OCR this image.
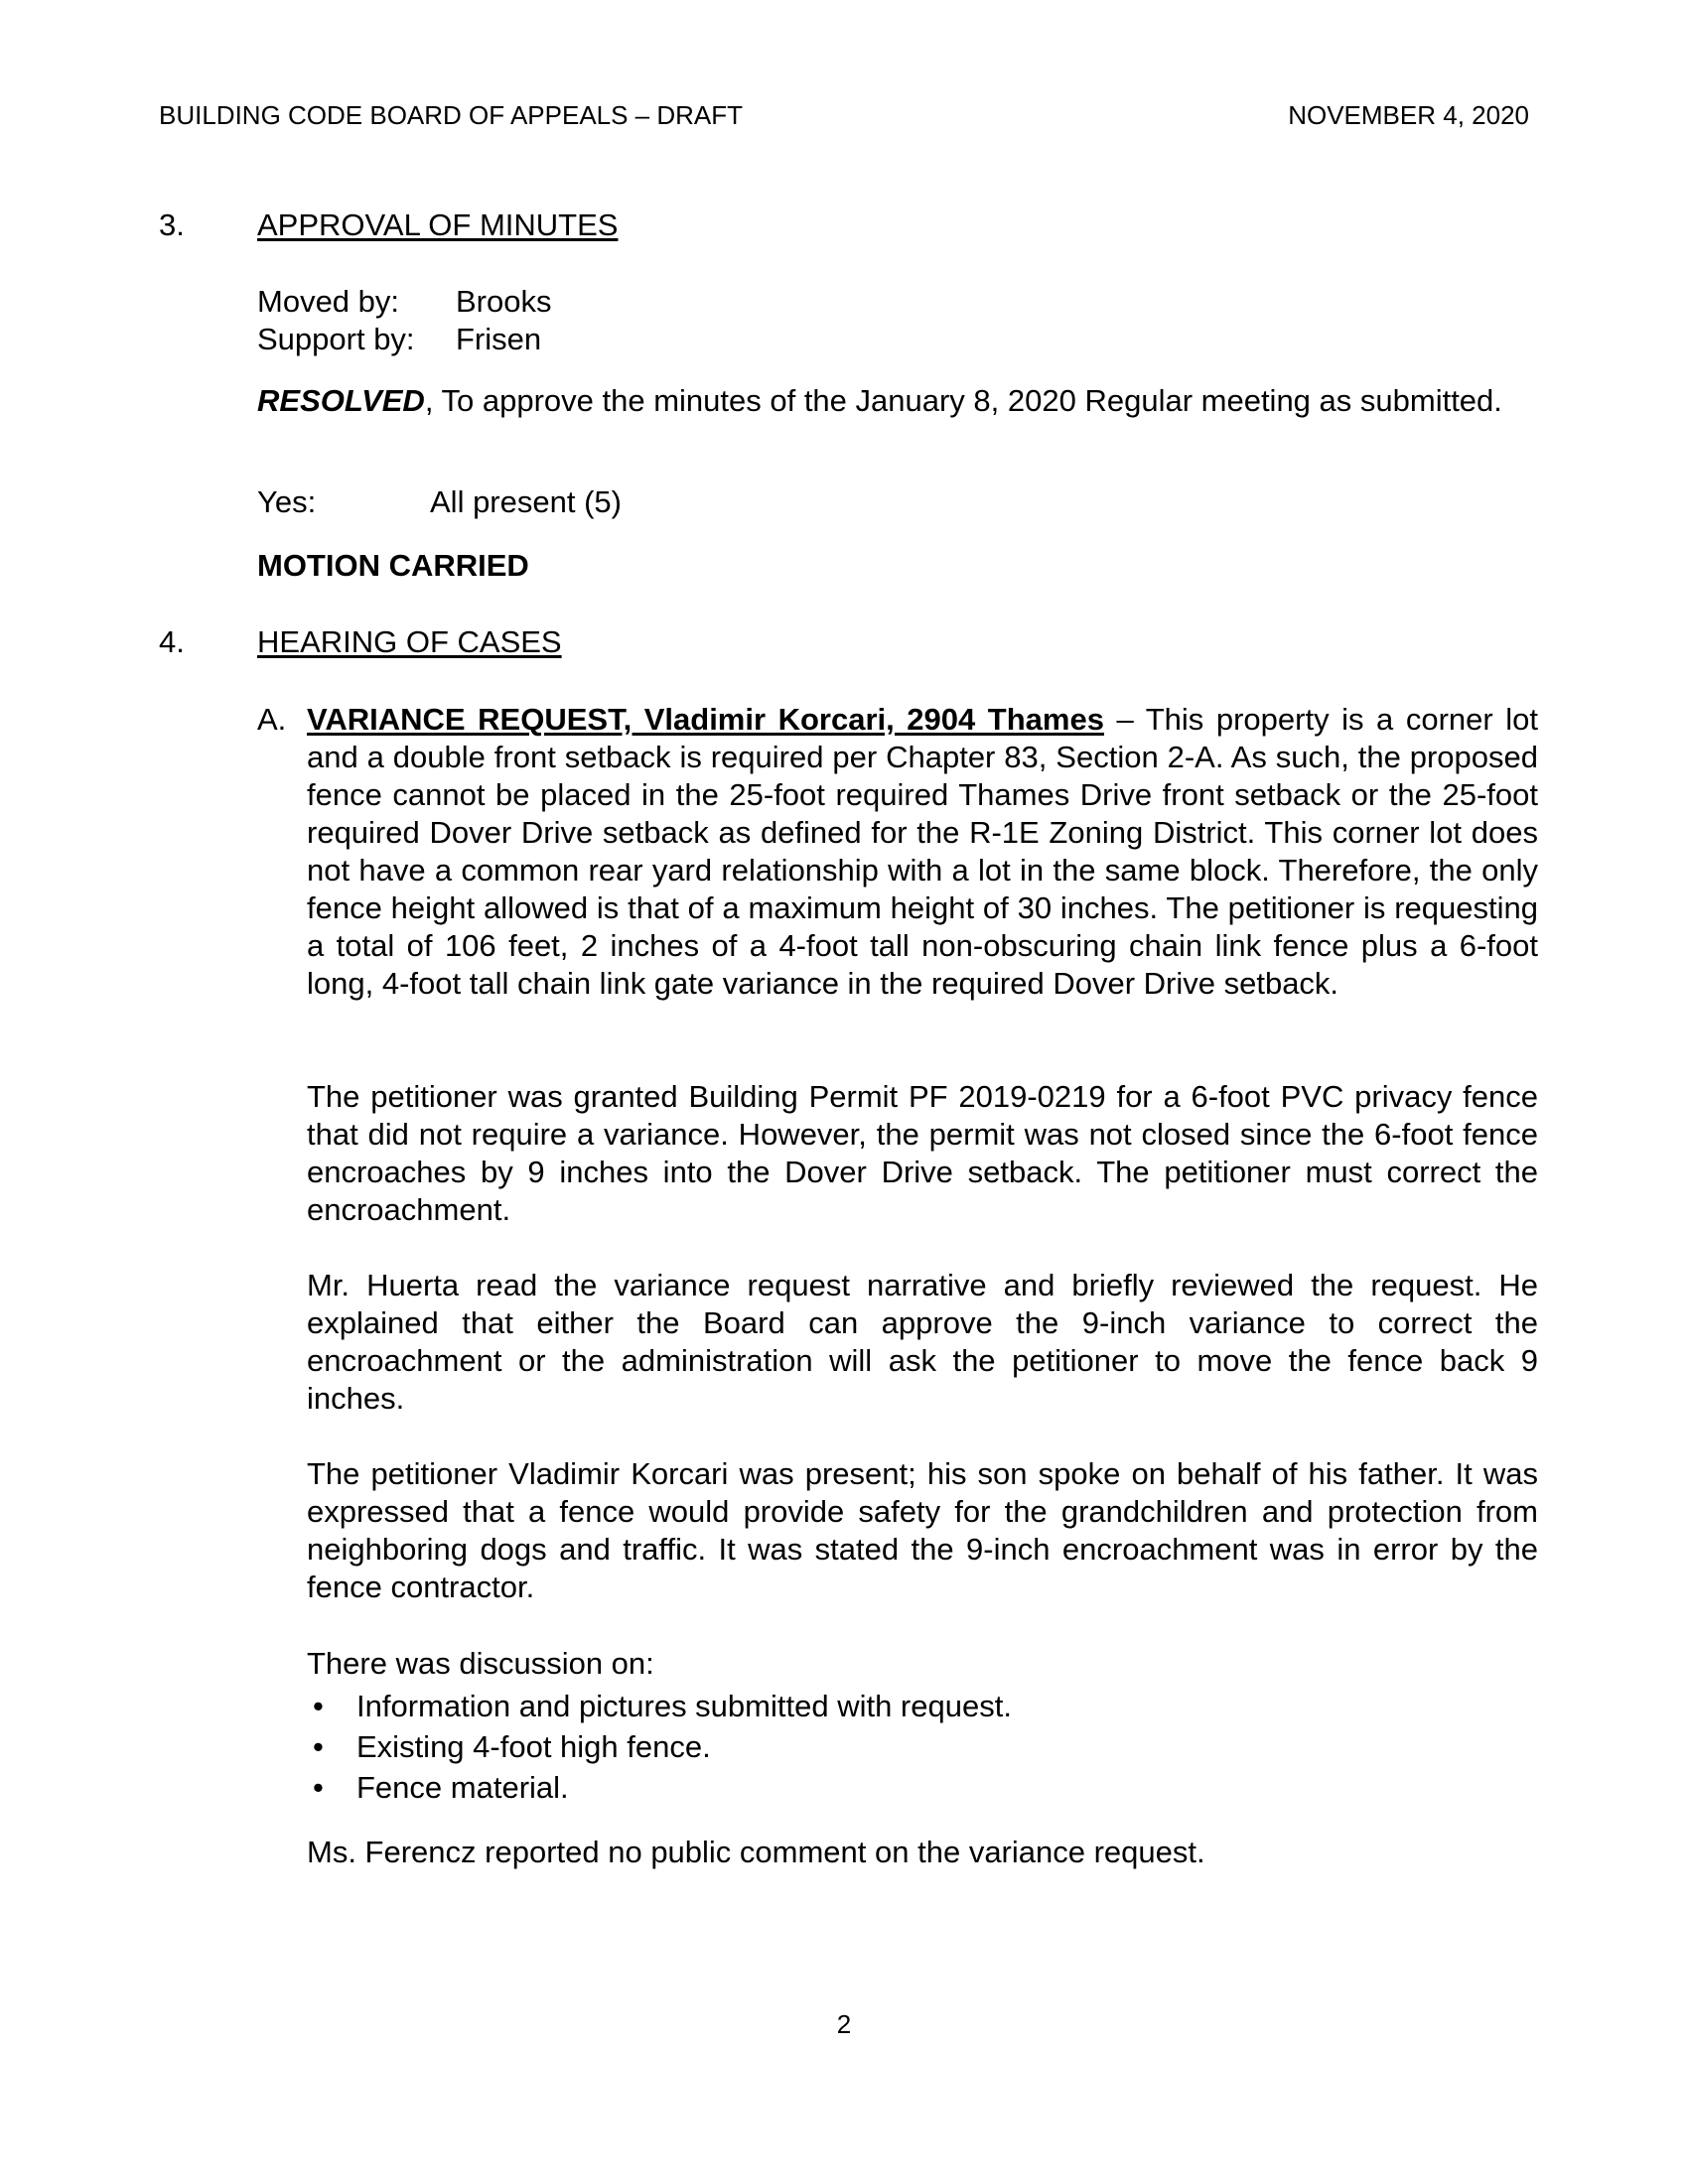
BUILDING CODE BOARD OF APPEALS – DRAFT	NOVEMBER 4, 2020
3. APPROVAL OF MINUTES
Moved by: Brooks
Support by: Frisen
RESOLVED, To approve the minutes of the January 8, 2020 Regular meeting as submitted.
Yes:	All present (5)
MOTION CARRIED
4. HEARING OF CASES
A. VARIANCE REQUEST, Vladimir Korcari, 2904 Thames – This property is a corner lot and a double front setback is required per Chapter 83, Section 2-A. As such, the proposed fence cannot be placed in the 25-foot required Thames Drive front setback or the 25-foot required Dover Drive setback as defined for the R-1E Zoning District. This corner lot does not have a common rear yard relationship with a lot in the same block. Therefore, the only fence height allowed is that of a maximum height of 30 inches. The petitioner is requesting a total of 106 feet, 2 inches of a 4-foot tall non-obscuring chain link fence plus a 6-foot long, 4-foot tall chain link gate variance in the required Dover Drive setback.
The petitioner was granted Building Permit PF 2019-0219 for a 6-foot PVC privacy fence that did not require a variance. However, the permit was not closed since the 6-foot fence encroaches by 9 inches into the Dover Drive setback. The petitioner must correct the encroachment.
Mr. Huerta read the variance request narrative and briefly reviewed the request. He explained that either the Board can approve the 9-inch variance to correct the encroachment or the administration will ask the petitioner to move the fence back 9 inches.
The petitioner Vladimir Korcari was present; his son spoke on behalf of his father. It was expressed that a fence would provide safety for the grandchildren and protection from neighboring dogs and traffic. It was stated the 9-inch encroachment was in error by the fence contractor.
There was discussion on:
• Information and pictures submitted with request.
• Existing 4-foot high fence.
• Fence material.
Ms. Ferencz reported no public comment on the variance request.
2
